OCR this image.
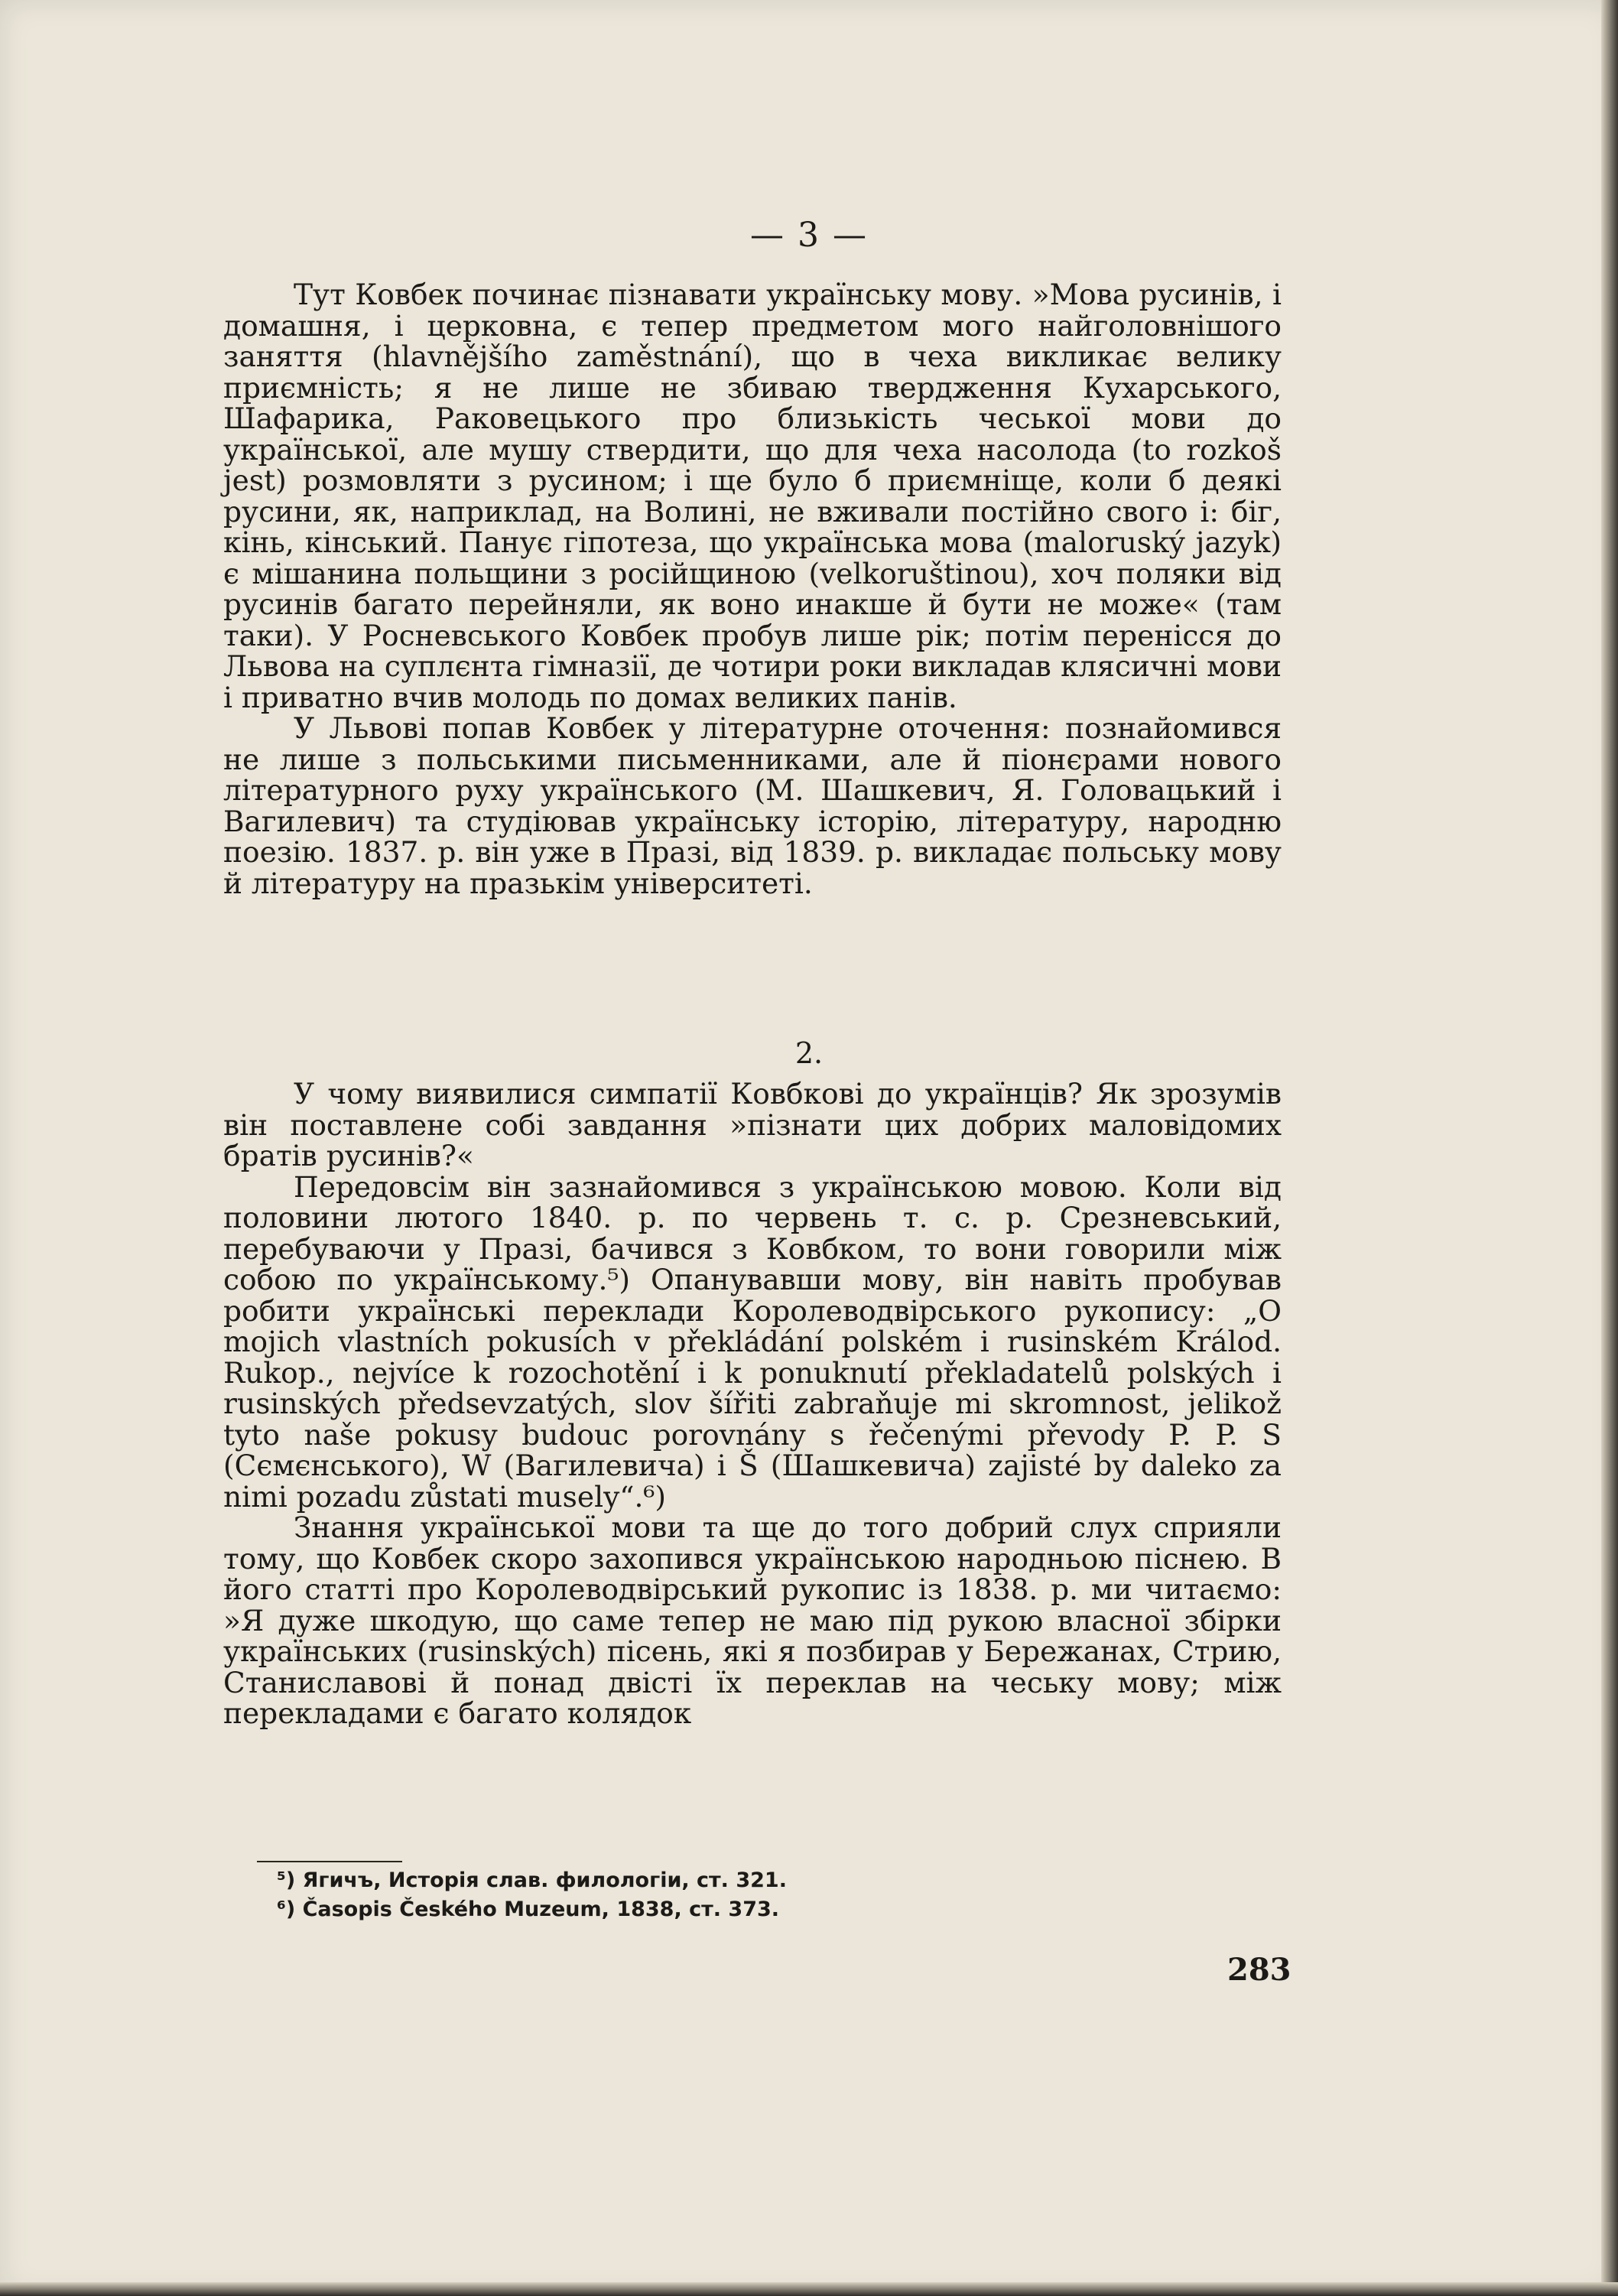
— 3 —

Тут Ковбек починає пізнавати українську мову. »Мова русинів, і домашня, і церковна, є тепер предметом мого найголовнішого заняття (hlavnějšího zaměstnání), що в чеха викликає велику приємність; я не лише не збиваю твердження Кухарського, Шафарика, Раковецького про близькість чеської мови до української, але мушу ствердити, що для чеха насолода (to rozkoš jest) розмовляти з русином; і ще було б приємніще, коли б деякі русини, як, наприклад, на Волині, не вживали постійно свого і: біг, кінь, кінський. Панує гіпотеза, що українська мова (maloruský jazyk) є мішанина польщини з російщиною (velkoruštinou), хоч поляки від русинів багато перейняли, як воно инакше й бути не може« (там таки). У Росневського Ковбек пробув лише рік; потім перенісся до Львова на суплєнта гімназії, де чотири роки викладав клясичні мови і приватно вчив молодь по домах великих панів.

У Львові попав Ковбек у літературне оточення: познайомився не лише з польськими письменниками, але й піонєрами нового літературного руху українського (М. Шашкевич, Я. Головацький і Вагилевич) та студіював українську історію, літературу, народню поезію. 1837. р. він уже в Празі, від 1839. р. викладає польську мову й літературу на празькім університеті.

2.

У чому виявилися симпатії Ковбкові до українців? Як зрозумів він поставлене собі завдання »пізнати цих добрих маловідомих братів русинів?«

Передовсім він зазнайомився з українською мовою. Коли від половини лютого 1840. р. по червень т. с. р. Срезневський, перебуваючи у Празі, бачився з Ковбком, то вони говорили між собою по українському.⁵) Опанувавши мову, він навіть пробував робити українські переклади Королеводвірського рукопису: „O mojich vlastních pokusích v překládání polském i rusinském Králod. Rukop., nejvíce k rozochotění i k ponuknutí překladatelů polských i rusinských předsevzatých, slov šířiti zabraňuje mi skromnost, jelikož tyto naše pokusy budouc porovnány s řečenými převody P. P. S (Сємєнського), W (Вагилевича) і Š (Шашкевича) zajisté by daleko za nimi pozadu zůstati musely“.⁶)

Знання української мови та ще до того добрий слух сприяли тому, що Ковбек скоро захопився українською народньою піснею. В його статті про Королеводвірський рукопис із 1838. р. ми читаємо: »Я дуже шкодую, що саме тепер не маю під рукою власної збірки українських (rusinských) пісень, які я позбирав у Бережанах, Стрию, Станиславові й понад двісті їх переклав на чеську мову; між перекладами є багато колядок

⁵) Ягичъ, Исторія слав. филологіи, ст. 321.
⁶) Časopis Českého Muzeum, 1838, ст. 373.
283
